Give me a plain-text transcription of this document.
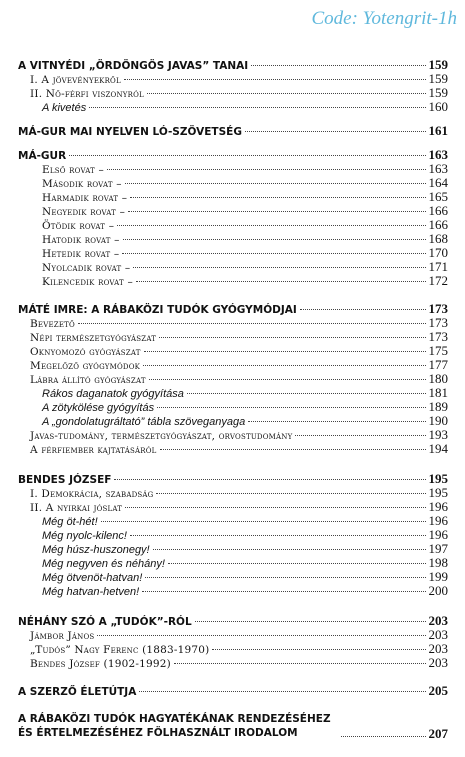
Code: Yotengrit-1h
A VITNYÉDI „ÖRDÖNGÖS JAVAS” TANAI	159
I. A jövevényekről	159
II. Nő-férfi viszonyról	159
A kivetés	160
MÁ-GUR MAI NYELVEN LÓ-SZÖVETSÉG	161
MÁ-GUR	163
Első rovat –	163
Második rovat –	164
Harmadik rovat –	165
Negyedik rovat –	166
Ötödik rovat –	166
Hatodik rovat –	168
Hetedik rovat –	170
Nyolcadik rovat –	171
Kilencedik rovat –	172
MÁTÉ IMRE: A RÁBAKÖZI TUDÓK GYÓGYMÓDJAI	173
Bevezető	173
Népi természetgyógyászat	173
Oknyomozó gyógyászat	175
Megelőző gyógymódok	177
Lábra állító gyógyászat	180
Rákos daganatok gyógyítása	181
A zötykölése gyógyítás	189
A „gondolatugráltató” tábla szöveganyaga	190
Javas-tudomány, természetgyógyászat, orvostudomány	193
A férfiember kajtatásáról	194
BENDES JÓZSEF	195
I. Demokrácia, szabadság	195
II. A nyirkai jóslat	196
Még öt-hét!	196
Még nyolc-kilenc!	196
Még húsz-huszonegy!	197
Még negyven és néhány!	198
Még ötvenöt-hatvan!	199
Még hatvan-hetven!	200
NÉHÁNY SZÓ A „TUDÓK”-RÓL	203
Jámbor János	203
„Tudós” Nagy Ferenc (1883-1970)	203
Bendes József (1902-1992)	203
A SZERZŐ ÉLETÚTJA	205
A RÁBAKÖZI TUDÓK HAGYATÉKÁNAK RENDEZÉSÉHEZ ÉS ÉRTELMEZÉSÉHEZ FÖLHASZNÁLT IRODALOM	207
